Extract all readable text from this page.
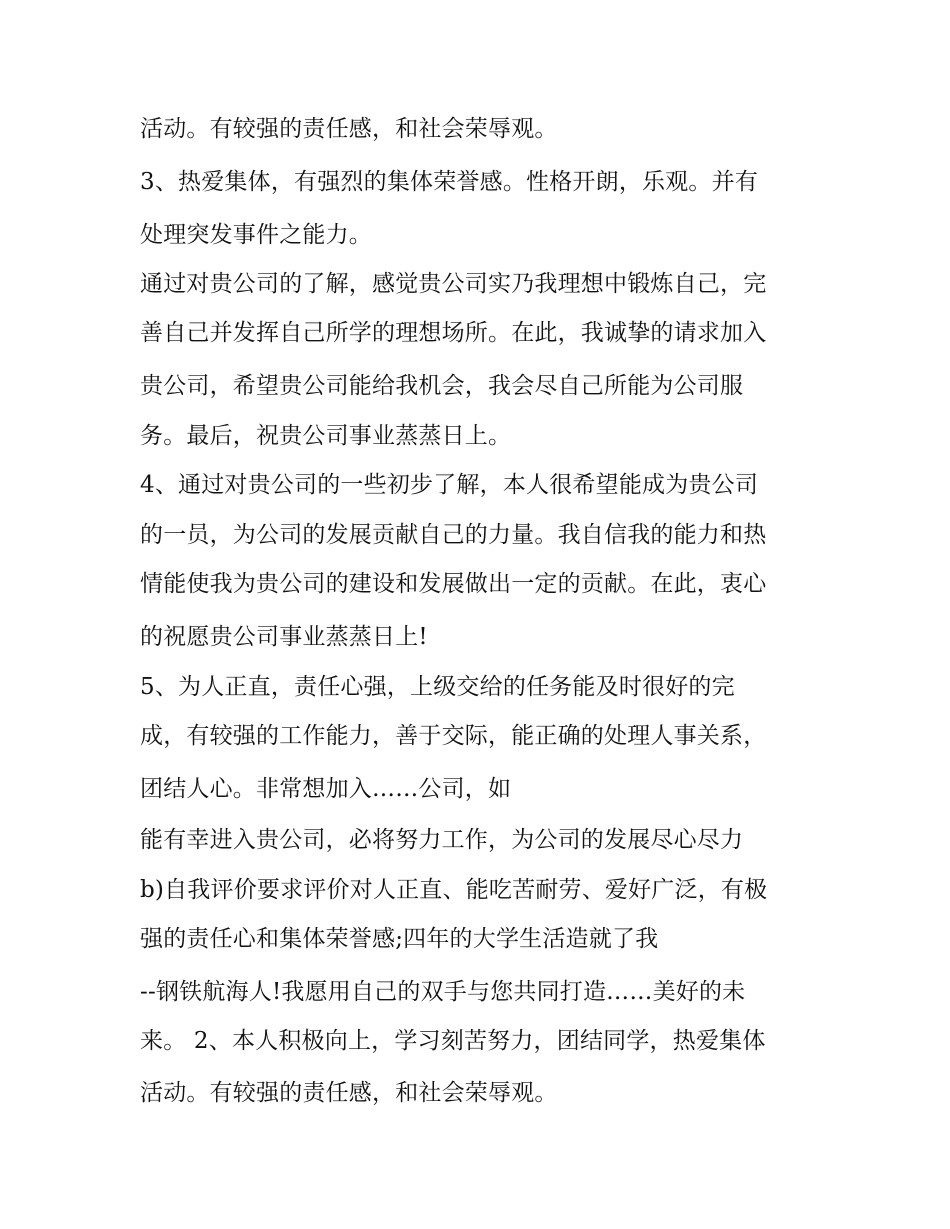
活动。有较强的责任感，和社会荣辱观。

3、热爱集体，有强烈的集体荣誉感。性格开朗，乐观。并有

处理突发事件之能力。

通过对贵公司的了解，感觉贵公司实乃我理想中锻炼自己，完

善自己并发挥自己所学的理想场所。在此，我诚挚的请求加入

贵公司，希望贵公司能给我机会，我会尽自己所能为公司服

务。最后，祝贵公司事业蒸蒸日上。

4、通过对贵公司的一些初步了解，本人很希望能成为贵公司

的一员，为公司的发展贡献自己的力量。我自信我的能力和热

情能使我为贵公司的建设和发展做出一定的贡献。在此，衷心

的祝愿贵公司事业蒸蒸日上!

5、为人正直，责任心强，上级交给的任务能及时很好的完

成，有较强的工作能力，善于交际，能正确的处理人事关系，

团结人心。非常想加入……公司，如

能有幸进入贵公司，必将努力工作，为公司的发展尽心尽力

b)自我评价要求评价对人正直、能吃苦耐劳、爱好广泛，有极

强的责任心和集体荣誉感;四年的大学生活造就了我

--钢铁航海人!我愿用自己的双手与您共同打造……美好的未

来。 2、本人积极向上，学习刻苦努力，团结同学，热爱集体

活动。有较强的责任感，和社会荣辱观。
